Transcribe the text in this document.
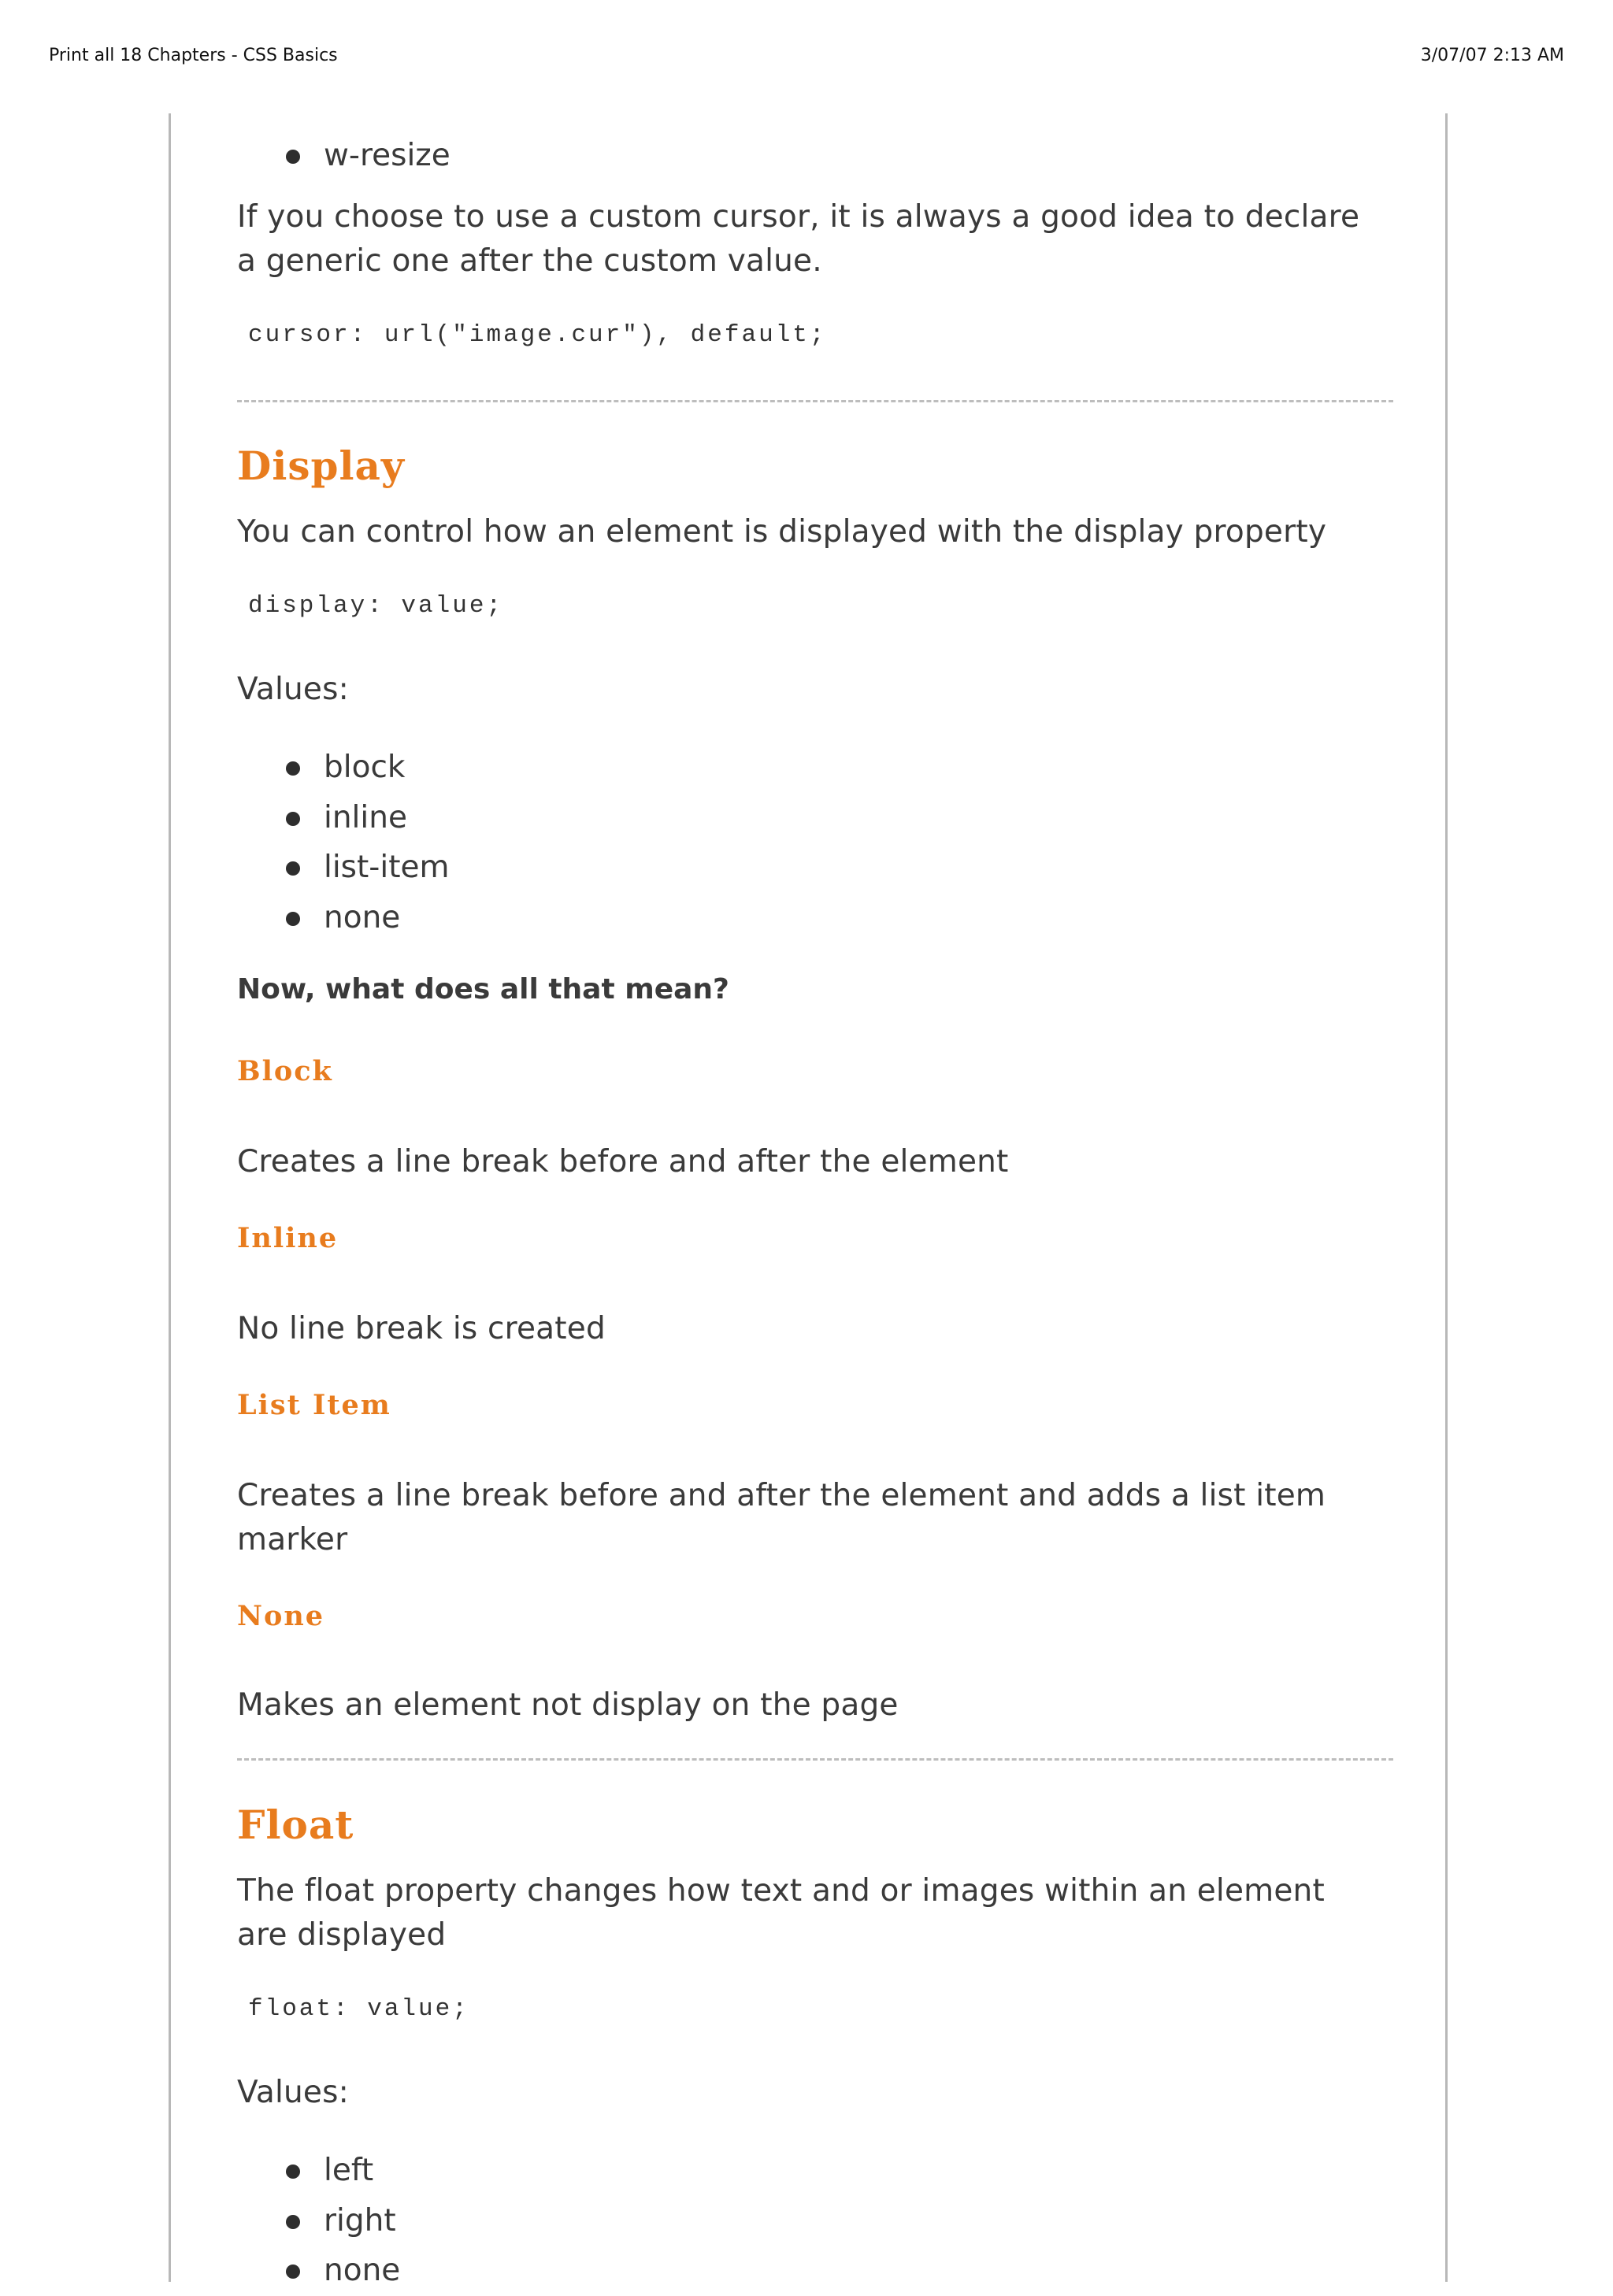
Print all 18 Chapters - CSS Basics	3/07/07 2:13 AM
w-resize
If you choose to use a custom cursor, it is always a good idea to declare a generic one after the custom value.
cursor: url("image.cur"), default;
Display
You can control how an element is displayed with the display property
display: value;
Values:
block
inline
list-item
none
Now, what does all that mean?
Block
Creates a line break before and after the element
Inline
No line break is created
List Item
Creates a line break before and after the element and adds a list item marker
None
Makes an element not display on the page
Float
The float property changes how text and or images within an element are displayed
float: value;
Values:
left
right
none
